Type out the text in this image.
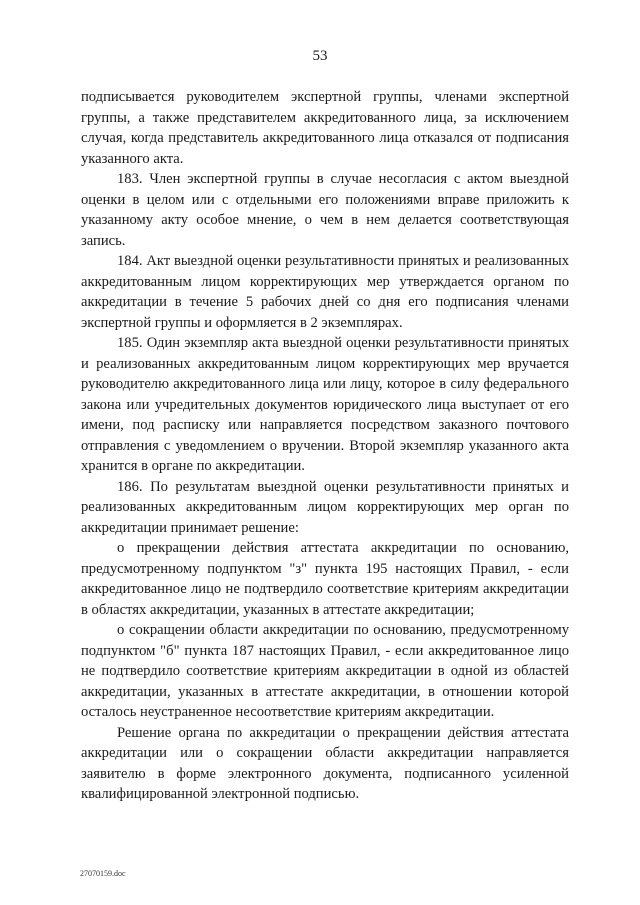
53

подписывается руководителем экспертной группы, членами экспертной группы, а также представителем аккредитованного лица, за исключением случая, когда представитель аккредитованного лица отказался от подписания указанного акта.

183. Член экспертной группы в случае несогласия с актом выездной оценки в целом или с отдельными его положениями вправе приложить к указанному акту особое мнение, о чем в нем делается соответствующая запись.

184. Акт выездной оценки результативности принятых и реализованных аккредитованным лицом корректирующих мер утверждается органом по аккредитации в течение 5 рабочих дней со дня его подписания членами экспертной группы и оформляется в 2 экземплярах.

185. Один экземпляр акта выездной оценки результативности принятых и реализованных аккредитованным лицом корректирующих мер вручается руководителю аккредитованного лица или лицу, которое в силу федерального закона или учредительных документов юридического лица выступает от его имени, под расписку или направляется посредством заказного почтового отправления с уведомлением о вручении. Второй экземпляр указанного акта хранится в органе по аккредитации.

186. По результатам выездной оценки результативности принятых и реализованных аккредитованным лицом корректирующих мер орган по аккредитации принимает решение:

о прекращении действия аттестата аккредитации по основанию, предусмотренному подпунктом "з" пункта 195 настоящих Правил, - если аккредитованное лицо не подтвердило соответствие критериям аккредитации в областях аккредитации, указанных в аттестате аккредитации;

о сокращении области аккредитации по основанию, предусмотренному подпунктом "б" пункта 187 настоящих Правил, - если аккредитованное лицо не подтвердило соответствие критериям аккредитации в одной из областей аккредитации, указанных в аттестате аккредитации, в отношении которой осталось неустраненное несоответствие критериям аккредитации.

Решение органа по аккредитации о прекращении действия аттестата аккредитации или о сокращении области аккредитации направляется заявителю в форме электронного документа, подписанного усиленной квалифицированной электронной подписью.

27070159.doc
